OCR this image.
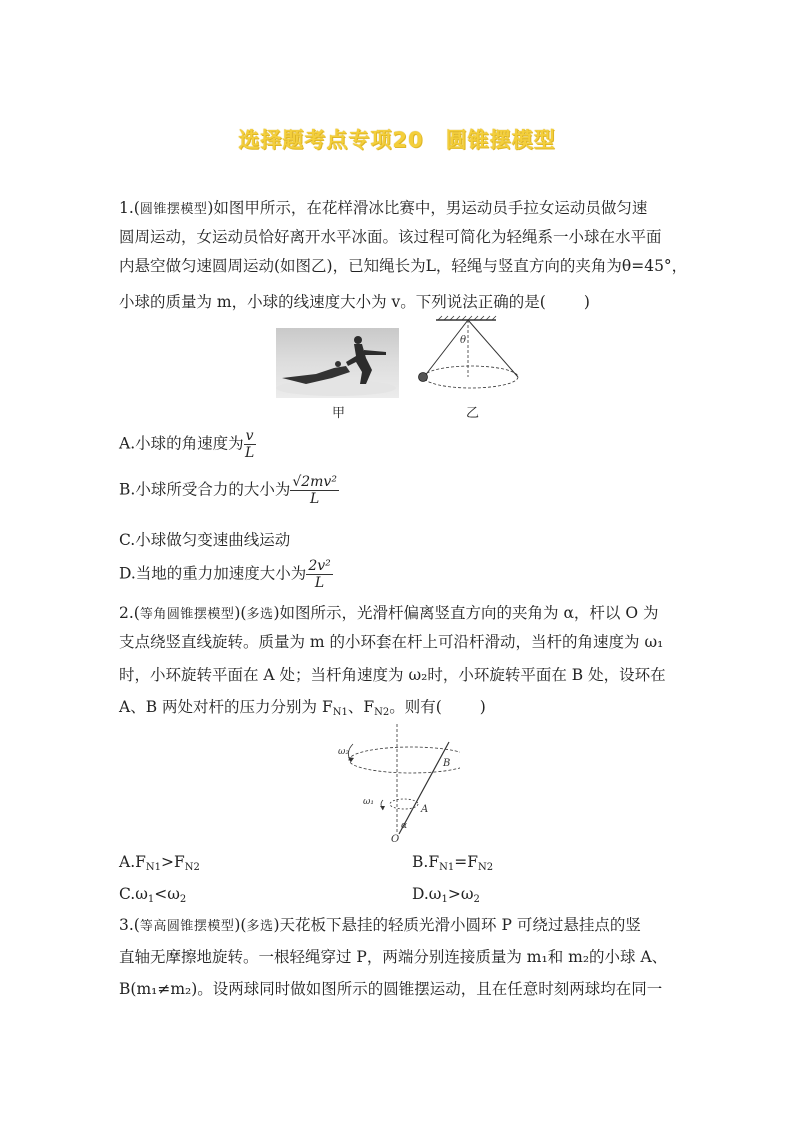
选择题考点专项20　圆锥摆模型
1.(圆锥摆模型)如图甲所示，在花样滑冰比赛中，男运动员手拉女运动员做匀速
圆周运动，女运动员恰好离开水平冰面。该过程可简化为轻绳系一小球在水平面
内悬空做匀速圆周运动(如图乙)，已知绳长为L，轻绳与竖直方向的夹角为θ=45°，
小球的质量为 m，小球的线速度大小为 v。下列说法正确的是( )
甲
θ
乙
A.小球的角速度为 $\frac{v}{L}$
B.小球所受合力的大小为 $\frac{\text{√2mv²}}{L}$
C.小球做匀变速曲线运动
D.当地的重力加速度大小为 $\frac{\text{2v²}}{L}$
2.(等角圆锥摆模型)(多选)如图所示，光滑杆偏离竖直方向的夹角为 α，杆以 O 为
支点绕竖直线旋转。质量为 m 的小环套在杆上可沿杆滑动，当杆的角速度为 ω₁
时，小环旋转平面在 A 处；当杆角速度为 ω₂时，小环旋转平面在 B 处，设环在
A、B 两处对杆的压力分别为 $F_{N1}$、$F_{N2}$。则有( )
ω₂
ω₁
B
A
O
α
$A.F_{N1}>F_{N2}$	$B.F_{N1}=F_{N2}$
$C.\omega_1<\omega_2$	$D.\omega_1>\omega_2$
3.(等高圆锥摆模型)(多选)天花板下悬挂的轻质光滑小圆环 P 可绕过悬挂点的竖
直轴无摩擦地旋转。一根轻绳穿过 P，两端分别连接质量为 m₁和 m₂的小球 A、
B(m₁≠m₂)。设两球同时做如图所示的圆锥摆运动，且在任意时刻两球均在同一
